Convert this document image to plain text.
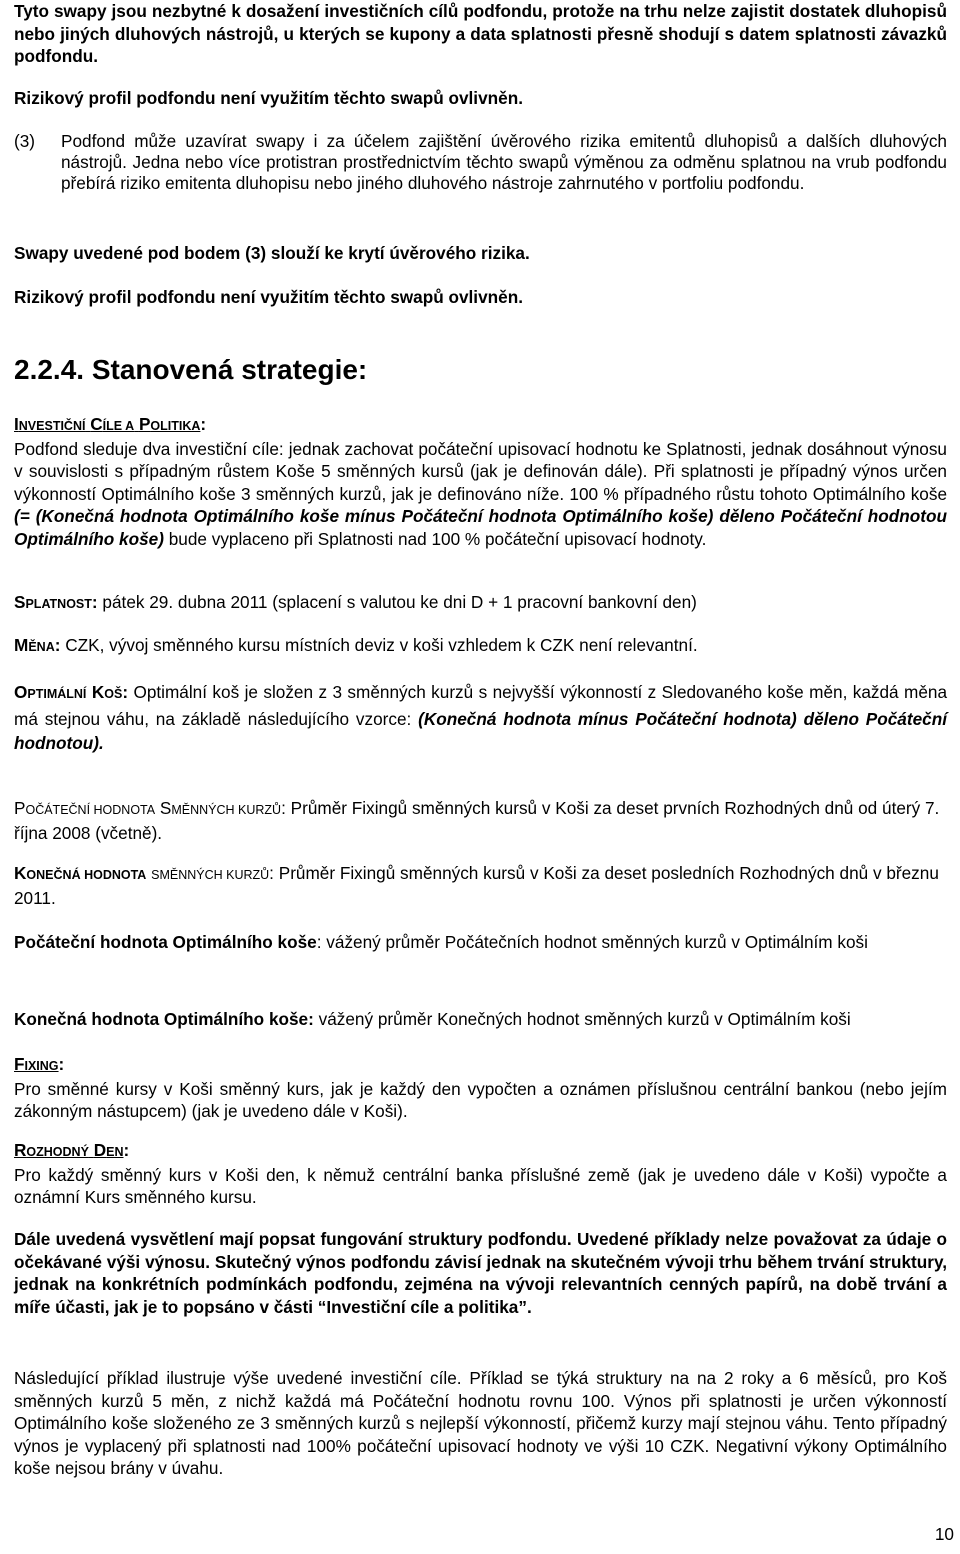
Tyto swapy jsou nezbytné k dosažení investičních cílů podfondu, protože na trhu nelze zajistit dostatek dluhopisů nebo jiných dluhových nástrojů, u kterých se kupony a data splatnosti přesně shodují s datem splatnosti závazků podfondu.

Rizikový profil podfondu není využitím těchto swapů ovlivněn.

(3)	Podfond může uzavírat swapy i za účelem zajištění úvěrového rizika emitentů dluhopisů a dalších dluhových nástrojů. Jedna nebo více protistran prostřednictvím těchto swapů výměnou za odměnu splatnou na vrub podfondu přebírá riziko emitenta dluhopisu nebo jiného dluhového nástroje zahrnutého v portfoliu podfondu.

Swapy uvedené pod bodem (3) slouží ke krytí úvěrového rizika.

Rizikový profil podfondu není využitím těchto swapů ovlivněn.

2.2.4. Stanovená strategie:
INVESTIČNÍ CÍLE A POLITIKA:

Podfond sleduje dva investiční cíle: jednak zachovat počáteční upisovací hodnotu ke Splatnosti, jednak dosáhnout výnosu v souvislosti s případným růstem Koše 5 směnných kursů (jak je definován dále). Při splatnosti je případný výnos určen výkonností Optimálního koše 3 směnných kurzů, jak je definováno níže. 100 % případného růstu tohoto Optimálního koše (= (Konečná hodnota Optimálního koše mínus Počáteční hodnota Optimálního koše) děleno Počáteční hodnotou Optimálního koše) bude vyplaceno při Splatnosti nad 100 % počáteční upisovací hodnoty.

SPLATNOST: pátek 29. dubna 2011 (splacení s valutou ke dni D + 1 pracovní bankovní den)

MĚNA: CZK, vývoj směnného kursu místních deviz v koši vzhledem k CZK není relevantní.

OPTIMÁLNÍ KOŠ: Optimální koš je složen z 3 směnných kurzů s nejvyšší výkonností z Sledovaného koše měn, každá měna má stejnou váhu, na základě následujícího vzorce: (Konečná hodnota mínus Počáteční hodnota) děleno Počáteční hodnotou).

POČÁTEČNÍ HODNOTA SMĚNNÝCH KURZŮ: Průměr Fixingů směnných kursů v Koši za deset prvních Rozhodných dnů od úterý 7. října 2008 (včetně).

KONEČNÁ HODNOTA SMĚNNÝCH KURZŮ: Průměr Fixingů směnných kursů v Koši za deset posledních Rozhodných dnů v březnu 2011.

Počáteční hodnota Optimálního koše: vážený průměr Počátečních hodnot směnných kurzů v Optimálním koši

Konečná hodnota Optimálního koše: vážený průměr Konečných hodnot směnných kurzů v Optimálním koši

FIXING:

Pro směnné kursy v Koši směnný kurs, jak je každý den vypočten a oznámen příslušnou centrální bankou (nebo jejím zákonným nástupcem) (jak je uvedeno dále v Koši).

ROZHODNÝ DEN:

Pro každý směnný kurs v Koši den, k němuž centrální banka příslušné země (jak je uvedeno dále v Koši) vypočte a oznámní Kurs směnného kursu.

Dále uvedená vysvětlení mají popsat fungování struktury podfondu. Uvedené příklady nelze považovat za údaje o očekávané výši výnosu. Skutečný výnos podfondu závisí jednak na skutečném vývoji trhu během trvání struktury, jednak na konkrétních podmínkách podfondu, zejména na vývoji relevantních cenných papírů, na době trvání a míře účasti, jak je to popsáno v části “Investiční cíle a politika”.

Následující příklad ilustruje výše uvedené investiční cíle. Příklad se týká struktury na na 2 roky a 6 měsíců, pro Koš směnných kurzů 5 měn, z nichž každá má Počáteční hodnotu rovnu 100. Výnos při splatnosti je určen výkonností Optimálního koše složeného ze 3 směnných kurzů s nejlepší výkonností, přičemž kurzy mají stejnou váhu. Tento případný výnos je vyplacený při splatnosti nad 100% počáteční upisovací hodnoty ve výši 10 CZK. Negativní výkony Optimálního koše nejsou brány v úvahu.

10
